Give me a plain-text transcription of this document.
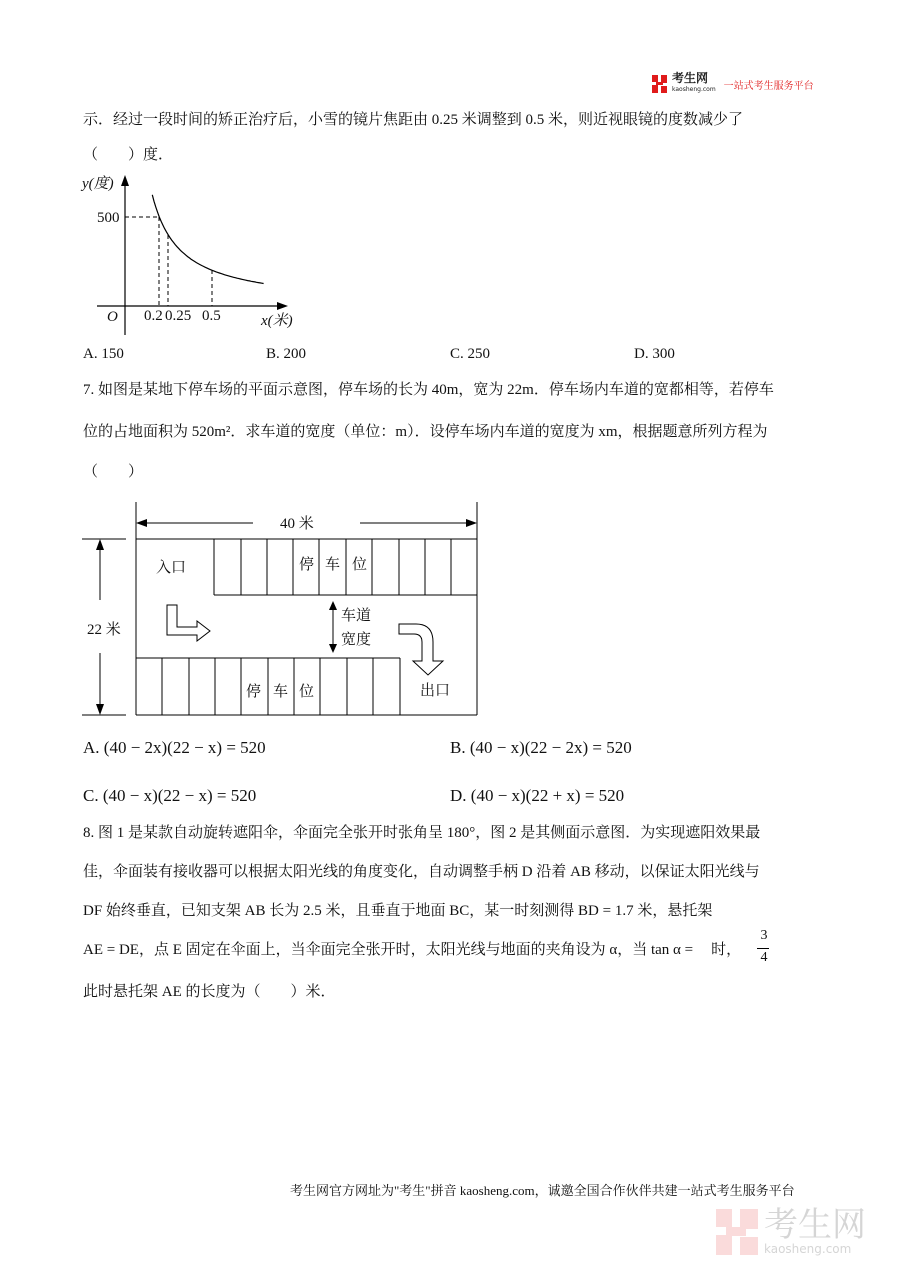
考生网
kaosheng.com 一站式考生服务平台
示．经过一段时间的矫正治疗后，小雪的镜片焦距由 0.25 米调整到 0.5 米，则近视眼镜的度数减少了
（　　）度．
y(度)
500
O 0.2 0.25 0.5	x(米)
A. 150	B. 200	C. 250	D. 300
7. 如图是某地下停车场的平面示意图，停车场的长为 40m，宽为 22m．停车场内车道的宽都相等，若停车
位的占地面积为 520m²．求车道的宽度（单位：m）．设停车场内车道的宽度为 xm，根据题意所列方程为
（　　）
40 米
22 米
入口
出口
车道
宽度
停 车 位
停 车 位
A. (40 − 2x)(22 − x) = 520	B. (40 − x)(22 − 2x) = 520
C. (40 − x)(22 − x) = 520	D. (40 − x)(22 + x) = 520
8. 图 1 是某款自动旋转遮阳伞，伞面完全张开时张角呈 180°，图 2 是其侧面示意图．为实现遮阳效果最
佳，伞面装有接收器可以根据太阳光线的角度变化，自动调整手柄 D 沿着 AB 移动，以保证太阳光线与
DF 始终垂直，已知支架 AB 长为 2.5 米，且垂直于地面 BC，某一时刻测得 BD = 1.7 米，悬托架
AE = DE，点 E 固定在伞面上，当伞面完全张开时，太阳光线与地面的夹角设为 α，当 tan α = 时，
3
4
此时悬托架 AE 的长度为（　　）米．
考生网官方网址为"考生"拼音 kaosheng.com，诚邀全国合作伙伴共建一站式考生服务平台
考生网
kaosheng.com
